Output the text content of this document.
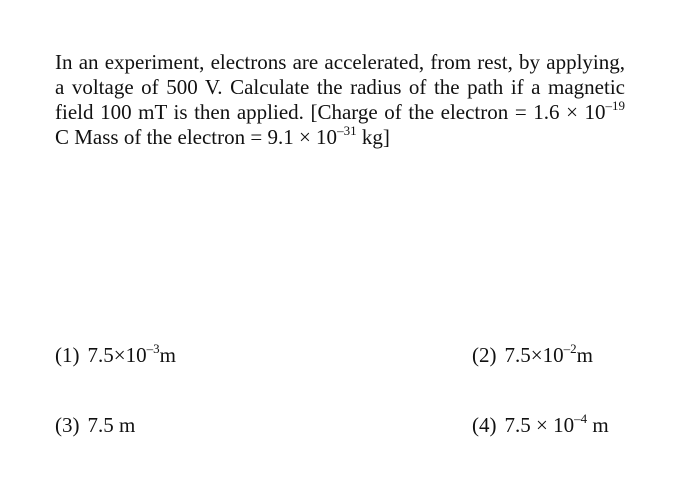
In an experiment, electrons are accelerated, from rest, by applying, a voltage of 500 V. Calculate the radius of the path if a magnetic field 100 mT is then applied. [Charge of the electron = $1.6 \times 10^{-19}$ C Mass of the electron = $9.1 \times 10^{-31}$ kg]

(1) $7.5\times 10^{-3}m$	(2) $7.5\times 10^{-2}m$
(3) 7.5 m	(4) $7.5 \times 10^{-4}$ m
